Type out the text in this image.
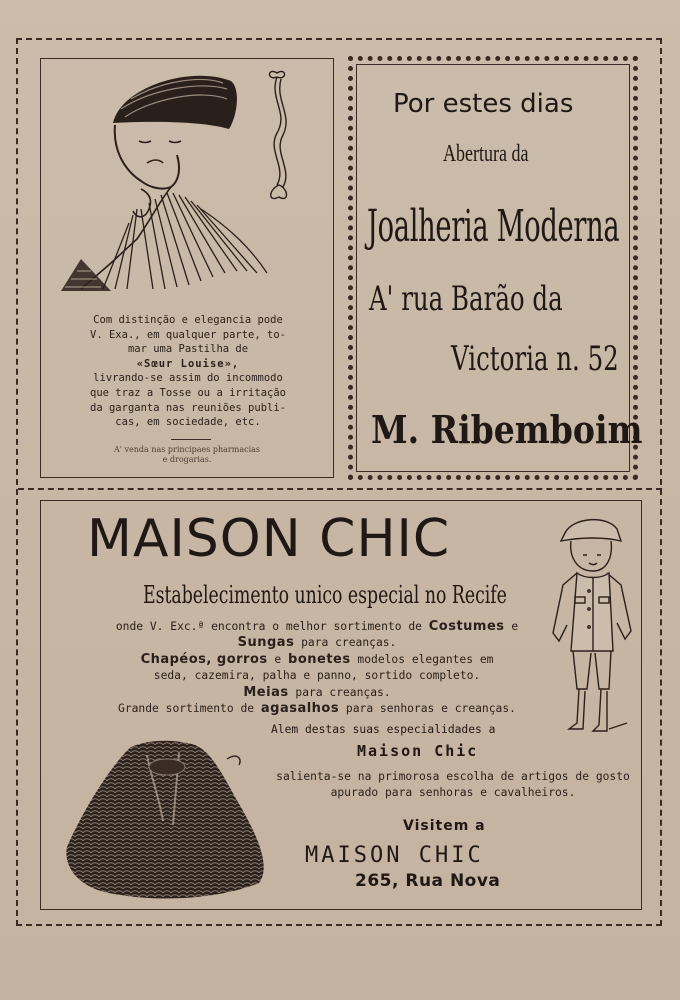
Com distinção e elegancia pode
V. Exa., em qualquer parte, to-
mar uma Pastilha de
«Sœur Louise»,
livrando-se assim do incommodo
que traz a Tosse ou a irritação
da garganta nas reuniões publi-
cas, em sociedade, etc.
A' venda nas principaes pharmacias
e drogarias.
Por estes dias
Abertura da
Joalheria Moderna
A' rua Barão da
Victoria n. 52
M. Ribemboim
MAISON CHIC
Estabelecimento unico especial no Recife
onde V. Exc.ª encontra o melhor sortimento de Costumes e
Sungas para creanças.
Chapéos, gorros e bonetes modelos elegantes em
seda, cazemira, palha e panno, sortido completo.
Meias para creanças.
Grande sortimento de agasalhos para senhoras e creanças.
Alem destas suas especialidades a
Maison Chic
salienta-se na primorosa escolha de artigos de gosto
apurado para senhoras e cavalheiros.
Visitem a
MAISON CHIC
265, Rua Nova
